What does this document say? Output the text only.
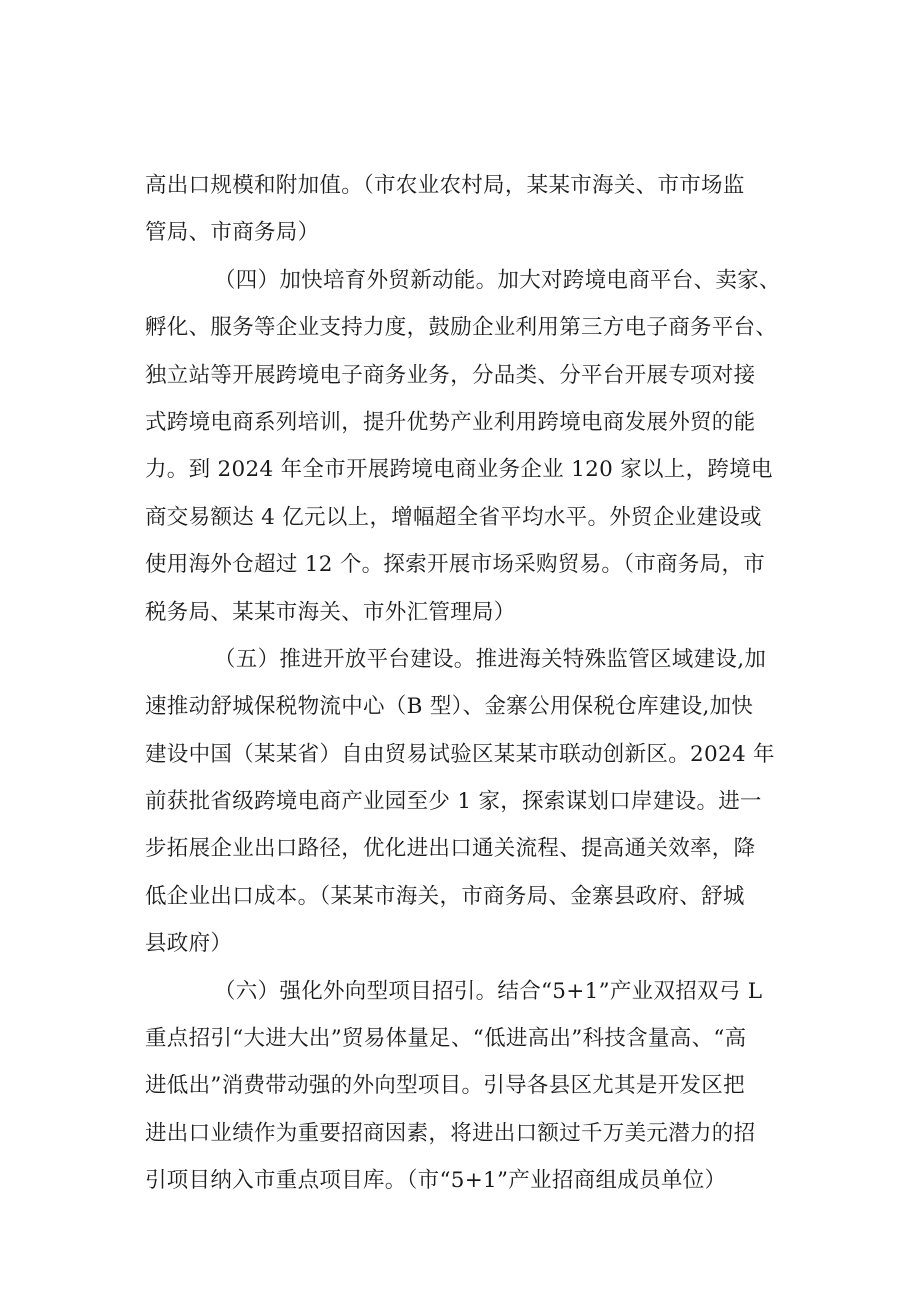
高出口规模和附加值。（市农业农村局，某某市海关、市市场监
管局、市商务局）
（四）加快培育外贸新动能。加大对跨境电商平台、卖家、
孵化、服务等企业支持力度，鼓励企业利用第三方电子商务平台、
独立站等开展跨境电子商务业务，分品类、分平台开展专项对接
式跨境电商系列培训，提升优势产业利用跨境电商发展外贸的能
力。到 2024 年全市开展跨境电商业务企业 120 家以上，跨境电
商交易额达 4 亿元以上，增幅超全省平均水平。外贸企业建设或
使用海外仓超过 12 个。探索开展市场采购贸易。（市商务局，市
税务局、某某市海关、市外汇管理局）
（五）推进开放平台建设。推进海关特殊监管区域建设,加
速推动舒城保税物流中心（B 型）、金寨公用保税仓库建设,加快
建设中国（某某省）自由贸易试验区某某市联动创新区。2024 年
前获批省级跨境电商产业园至少 1 家，探索谋划口岸建设。进一
步拓展企业出口路径，优化进出口通关流程、提高通关效率，降
低企业出口成本。（某某市海关，市商务局、金寨县政府、舒城
县政府）
（六）强化外向型项目招引。结合“5+1”产业双招双弓 L
重点招引“大进大出”贸易体量足、“低进高出”科技含量高、“高
进低出”消费带动强的外向型项目。引导各县区尤其是开发区把
进出口业绩作为重要招商因素，将进出口额过千万美元潜力的招
引项目纳入市重点项目库。（市“5+1”产业招商组成员单位）
